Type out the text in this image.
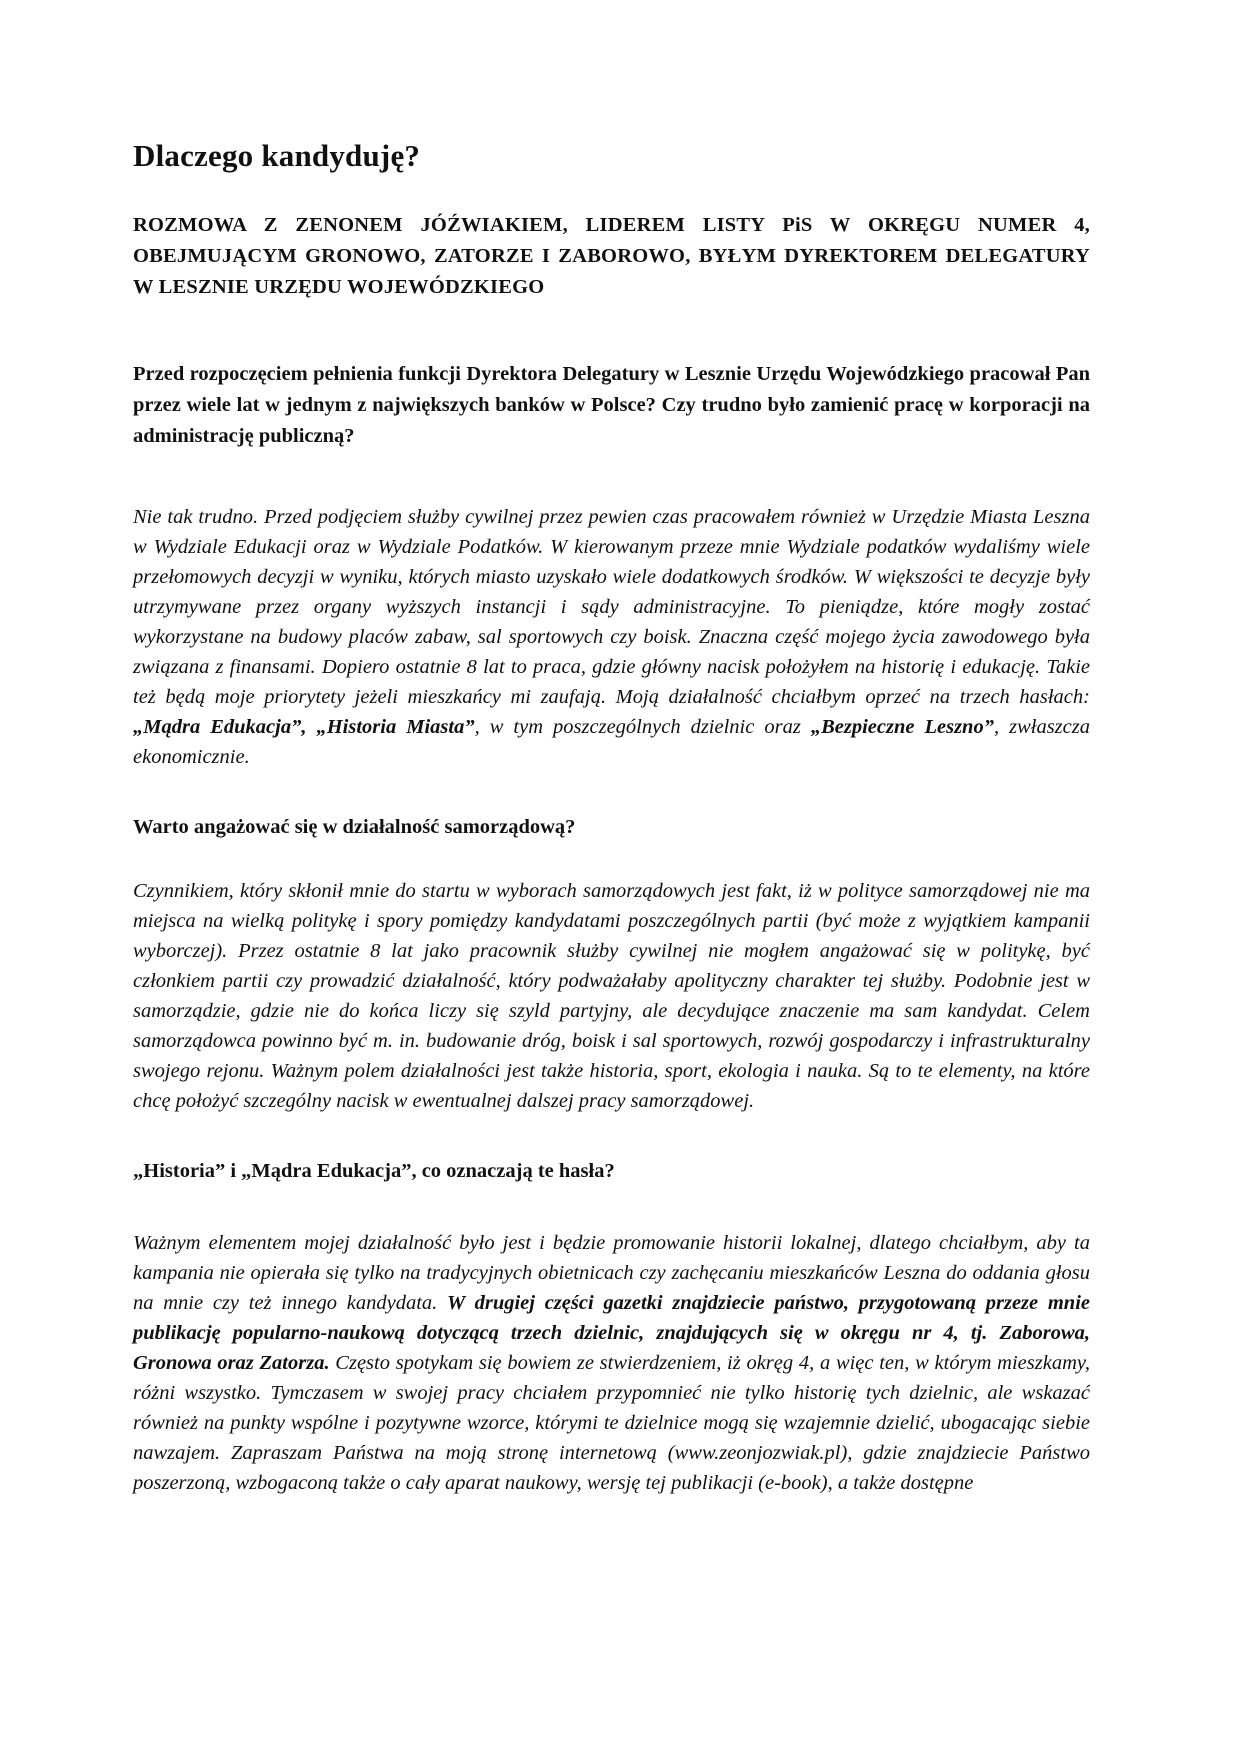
Dlaczego kandyduję?

ROZMOWA Z ZENONEM JÓŹWIAKIEM, LIDEREM LISTY PiS W OKRĘGU NUMER 4, OBEJMUJĄCYM GRONOWO, ZATORZE I ZABOROWO, BYŁYM DYREKTOREM DELEGATURY W LESZNIE URZĘDU WOJEWÓDZKIEGO

Przed rozpoczęciem pełnienia funkcji Dyrektora Delegatury w Lesznie Urzędu Wojewódzkiego pracował Pan przez wiele lat w jednym z największych banków w Polsce? Czy trudno było zamienić pracę w korporacji na administrację publiczną?

Nie tak trudno. Przed podjęciem służby cywilnej przez pewien czas pracowałem również w Urzędzie Miasta Leszna w Wydziale Edukacji oraz w Wydziale Podatków. W kierowanym przeze mnie Wydziale podatków wydaliśmy wiele przełomowych decyzji w wyniku, których miasto uzyskało wiele dodatkowych środków. W większości te decyzje były utrzymywane przez organy wyższych instancji i sądy administracyjne. To pieniądze, które mogły zostać wykorzystane na budowy placów zabaw, sal sportowych czy boisk. Znaczna część mojego życia zawodowego była związana z finansami. Dopiero ostatnie 8 lat to praca, gdzie główny nacisk położyłem na historię i edukację. Takie też będą moje priorytety jeżeli mieszkańcy mi zaufają. Moją działalność chciałbym oprzeć na trzech hasłach: „Mądra Edukacja”, „Historia Miasta”, w tym poszczególnych dzielnic oraz „Bezpieczne Leszno”, zwłaszcza ekonomicznie.

Warto angażować się w działalność samorządową?

Czynnikiem, który skłonił mnie do startu w wyborach samorządowych jest fakt, iż w polityce samorządowej nie ma miejsca na wielką politykę i spory pomiędzy kandydatami poszczególnych partii (być może z wyjątkiem kampanii wyborczej). Przez ostatnie 8 lat jako pracownik służby cywilnej nie mogłem angażować się w politykę, być członkiem partii czy prowadzić działalność, który podważałaby apolityczny charakter tej służby. Podobnie jest w samorządzie, gdzie nie do końca liczy się szyld partyjny, ale decydujące znaczenie ma sam kandydat. Celem samorządowca powinno być m. in. budowanie dróg, boisk i sal sportowych, rozwój gospodarczy i infrastrukturalny swojego rejonu. Ważnym polem działalności jest także historia, sport, ekologia i nauka. Są to te elementy, na które chcę położyć szczególny nacisk w ewentualnej dalszej pracy samorządowej.

„Historia” i „Mądra Edukacja”, co oznaczają te hasła?

Ważnym elementem mojej działalność było jest i będzie promowanie historii lokalnej, dlatego chciałbym, aby ta kampania nie opierała się tylko na tradycyjnych obietnicach czy zachęcaniu mieszkańców Leszna do oddania głosu na mnie czy też innego kandydata. W drugiej części gazetki znajdziecie państwo, przygotowaną przeze mnie publikację popularno-naukową dotyczącą trzech dzielnic, znajdujących się w okręgu nr 4, tj. Zaborowa, Gronowa oraz Zatorza. Często spotykam się bowiem ze stwierdzeniem, iż okręg 4, a więc ten, w którym mieszkamy, różni wszystko. Tymczasem w swojej pracy chciałem przypomnieć nie tylko historię tych dzielnic, ale wskazać również na punkty wspólne i pozytywne wzorce, którymi te dzielnice mogą się wzajemnie dzielić, ubogacając siebie nawzajem. Zapraszam Państwa na moją stronę internetową (www.zeonjozwiak.pl), gdzie znajdziecie Państwo poszerzoną, wzbogaconą także o cały aparat naukowy, wersję tej publikacji (e-book), a także dostępne
